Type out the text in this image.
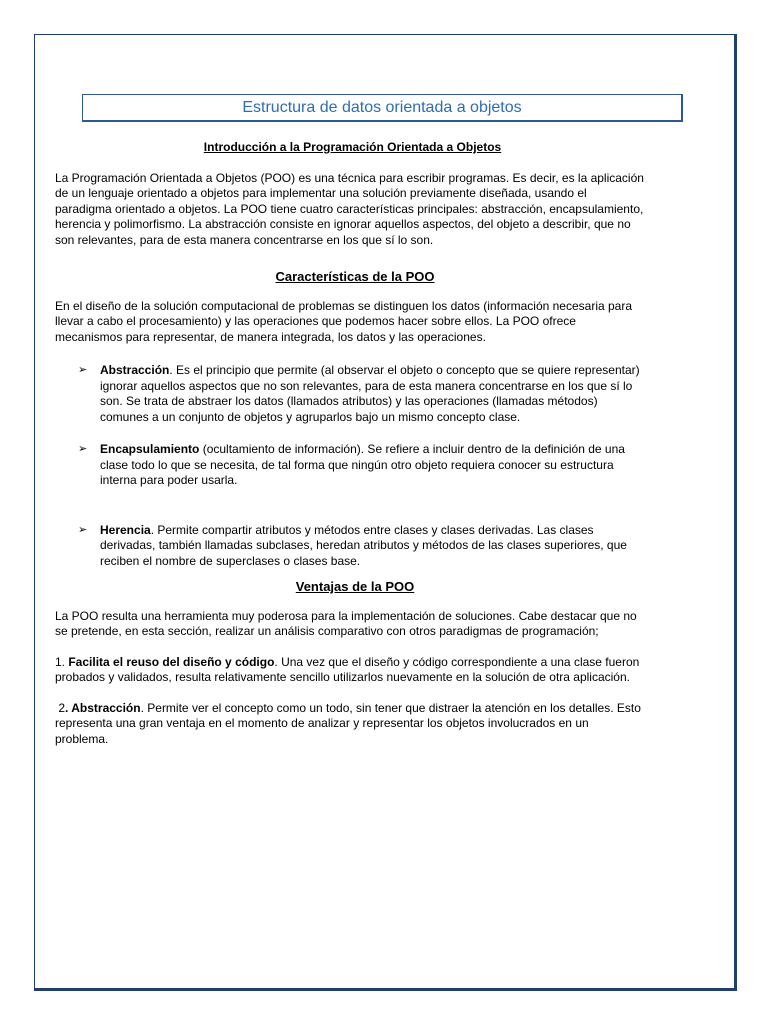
Estructura de datos orientada a objetos
Introducción a la Programación Orientada a Objetos

La Programación Orientada a Objetos (POO) es una técnica para escribir programas. Es decir, es la aplicación de un lenguaje orientado a objetos para implementar una solución previamente diseñada, usando el paradigma orientado a objetos. La POO tiene cuatro características principales: abstracción, encapsulamiento, herencia y polimorfismo. La abstracción consiste en ignorar aquellos aspectos, del objeto a describir, que no son relevantes, para de esta manera concentrarse en los que sí lo son.

Características de la POO

En el diseño de la solución computacional de problemas se distinguen los datos (información necesaria para llevar a cabo el procesamiento) y las operaciones que podemos hacer sobre ellos. La POO ofrece mecanismos para representar, de manera integrada, los datos y las operaciones.

➢ Abstracción. Es el principio que permite (al observar el objeto o concepto que se quiere representar) ignorar aquellos aspectos que no son relevantes, para de esta manera concentrarse en los que sí lo son. Se trata de abstraer los datos (llamados atributos) y las operaciones (llamadas métodos) comunes a un conjunto de objetos y agruparlos bajo un mismo concepto clase.
➢ Encapsulamiento (ocultamiento de información). Se refiere a incluir dentro de la definición de una clase todo lo que se necesita, de tal forma que ningún otro objeto requiera conocer su estructura interna para poder usarla.
➢ Herencia. Permite compartir atributos y métodos entre clases y clases derivadas. Las clases derivadas, también llamadas subclases, heredan atributos y métodos de las clases superiores, que reciben el nombre de superclases o clases base.
Ventajas de la POO

La POO resulta una herramienta muy poderosa para la implementación de soluciones. Cabe destacar que no se pretende, en esta sección, realizar un análisis comparativo con otros paradigmas de programación;

1. Facilita el reuso del diseño y código. Una vez que el diseño y código correspondiente a una clase fueron probados y validados, resulta relativamente sencillo utilizarlos nuevamente en la solución de otra aplicación.

2. Abstracción. Permite ver el concepto como un todo, sin tener que distraer la atención en los detalles. Esto representa una gran ventaja en el momento de analizar y representar los objetos involucrados en un problema.
